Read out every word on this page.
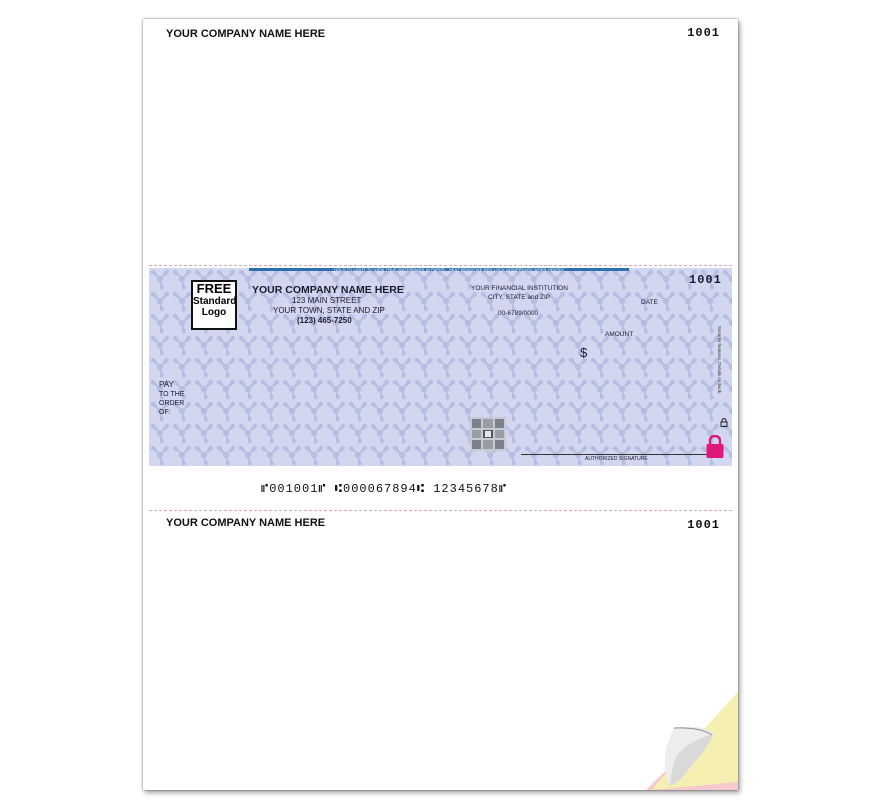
YOUR COMPANY NAME HERE	1001
HOLD TO LIGHT TO VIEW TRUE WATERMARK IN PAPER · HEAT SENSITIVE RED LOCK DISAPPEARS WHEN HEATED
FREE
Standard
Logo
YOUR COMPANY NAME HERE
123 MAIN STREET
YOUR TOWN, STATE AND ZIP
(123) 465-7250
YOUR FINANCIAL INSTITUTION
CITY, STATE and ZIP
00-6789/0000
1001
DATE
AMOUNT
$
PAY
TO THE
ORDER
OF:
AUTHORIZED SIGNATURE
Security features. Details on back.
⑈001001⑈ ⑆000067894⑆ 12345678⑈
YOUR COMPANY NAME HERE	1001
